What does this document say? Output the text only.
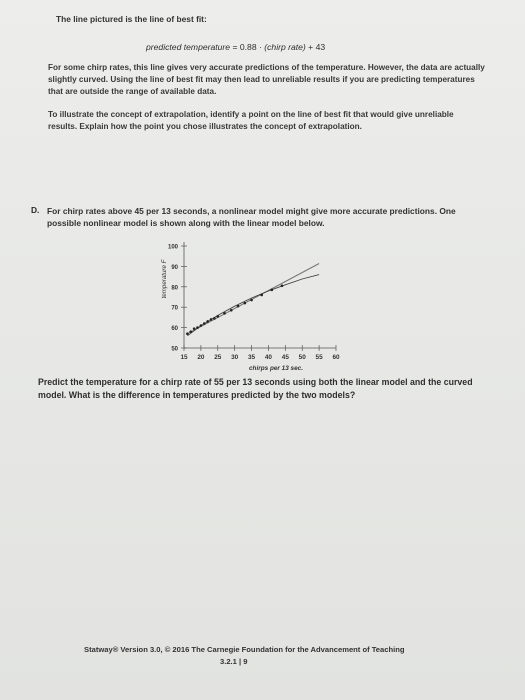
The line pictured is the line of best fit:

predicted temperature = 0.88 · (chirp rate) + 43

For some chirp rates, this line gives very accurate predictions of the temperature. However, the data are actually slightly curved. Using the line of best fit may then lead to unreliable results if you are predicting temperatures that are outside the range of available data.

To illustrate the concept of extrapolation, identify a point on the line of best fit that would give unreliable results. Explain how the point you chose illustrates the concept of extrapolation.

D. For chirp rates above 45 per 13 seconds, a nonlinear model might give more accurate predictions. One possible nonlinear model is shown along with the linear model below.

50
60
70
80
90
100
15 20 25 30 35 40 45 50 55 60
chirps per 13 sec.
temperature F

Predict the temperature for a chirp rate of 55 per 13 seconds using both the linear model and the curved model. What is the difference in temperatures predicted by the two models?

Statway® Version 3.0, © 2016 The Carnegie Foundation for the Advancement of Teaching

3.2.1 | 9
